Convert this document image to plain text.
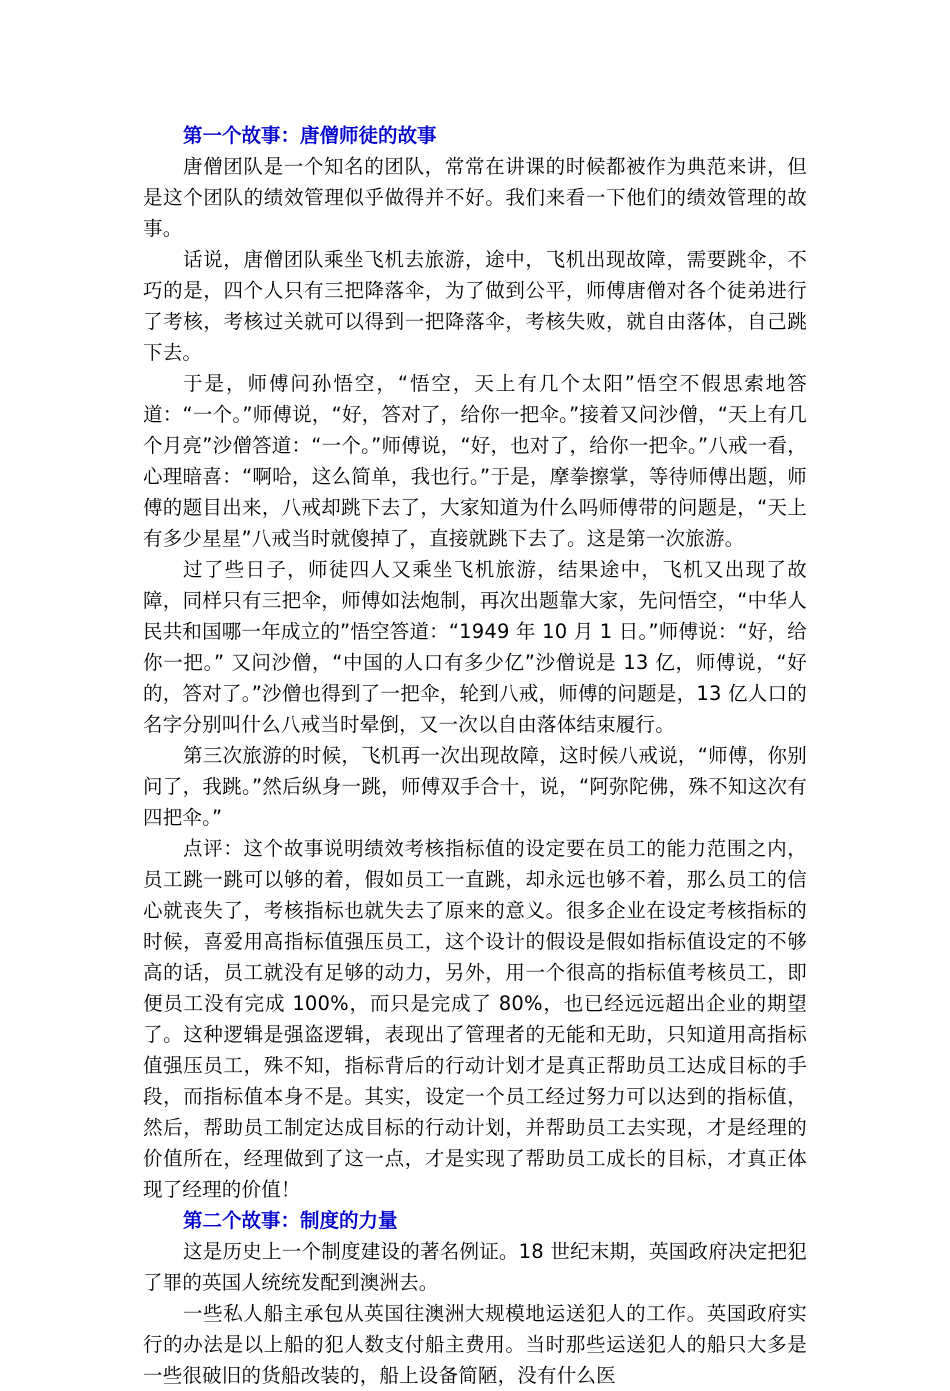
第一个故事：唐僧师徒的故事

唐僧团队是一个知名的团队，常常在讲课的时候都被作为典范来讲，但是这个团队的绩效管理似乎做得并不好。我们来看一下他们的绩效管理的故事。

话说，唐僧团队乘坐飞机去旅游，途中，飞机出现故障，需要跳伞，不巧的是，四个人只有三把降落伞，为了做到公平，师傅唐僧对各个徒弟进行了考核，考核过关就可以得到一把降落伞，考核失败，就自由落体，自己跳下去。

于是，师傅问孙悟空，“悟空，天上有几个太阳”悟空不假思索地答道：“一个。”师傅说，“好，答对了，给你一把伞。”接着又问沙僧，“天上有几个月亮”沙僧答道：“一个。”师傅说，“好，也对了，给你一把伞。”八戒一看，心理暗喜：“啊哈，这么简单，我也行。”于是，摩拳擦掌，等待师傅出题，师傅的题目出来，八戒却跳下去了，大家知道为什么吗师傅带的问题是，“天上有多少星星”八戒当时就傻掉了，直接就跳下去了。这是第一次旅游。

过了些日子，师徒四人又乘坐飞机旅游，结果途中，飞机又出现了故障，同样只有三把伞，师傅如法炮制，再次出题靠大家，先问悟空，“中华人民共和国哪一年成立的”悟空答道：“1949 年 10 月 1 日。”师傅说：“好，给你一把。” 又问沙僧，“中国的人口有多少亿”沙僧说是 13 亿，师傅说，“好的，答对了。”沙僧也得到了一把伞，轮到八戒，师傅的问题是，13 亿人口的名字分别叫什么八戒当时晕倒，又一次以自由落体结束履行。

第三次旅游的时候，飞机再一次出现故障，这时候八戒说，“师傅，你别问了，我跳。”然后纵身一跳，师傅双手合十，说，“阿弥陀佛，殊不知这次有四把伞。”

点评：这个故事说明绩效考核指标值的设定要在员工的能力范围之内，员工跳一跳可以够的着，假如员工一直跳，却永远也够不着，那么员工的信心就丧失了，考核指标也就失去了原来的意义。很多企业在设定考核指标的时候，喜爱用高指标值强压员工，这个设计的假设是假如指标值设定的不够高的话，员工就没有足够的动力，另外，用一个很高的指标值考核员工，即便员工没有完成 100%，而只是完成了 80%，也已经远远超出企业的期望了。这种逻辑是强盗逻辑，表现出了管理者的无能和无助，只知道用高指标值强压员工，殊不知，指标背后的行动计划才是真正帮助员工达成目标的手段，而指标值本身不是。其实，设定一个员工经过努力可以达到的指标值，然后，帮助员工制定达成目标的行动计划，并帮助员工去实现，才是经理的价值所在，经理做到了这一点，才是实现了帮助员工成长的目标，才真正体现了经理的价值！

第二个故事：制度的力量

这是历史上一个制度建设的著名例证。18 世纪末期，英国政府决定把犯了罪的英国人统统发配到澳洲去。

一些私人船主承包从英国往澳洲大规模地运送犯人的工作。英国政府实行的办法是以上船的犯人数支付船主费用。当时那些运送犯人的船只大多是一些很破旧的货船改装的，船上设备简陋，没有什么医
